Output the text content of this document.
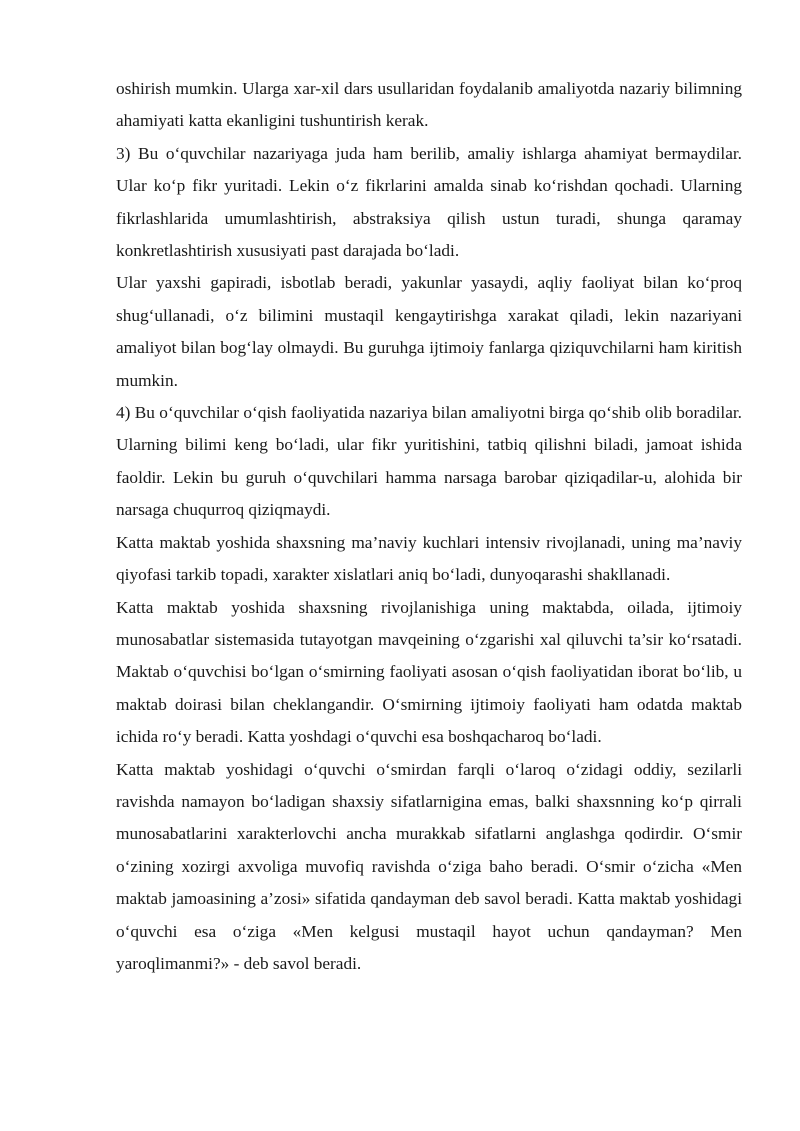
oshirish mumkin. Ularga xar-xil dars usullaridan foydalanib amaliyotda nazariy bilimning ahamiyati katta ekanligini tushuntirish kerak.

3) Bu o‘quvchilar nazariyaga juda ham berilib, amaliy ishlarga ahamiyat bermaydilar. Ular ko‘p fikr yuritadi. Lekin o‘z fikrlarini amalda sinab ko‘rishdan qochadi. Ularning fikrlashlarida umumlashtirish, abstraksiya qilish ustun turadi, shunga qaramay konkretlashtirish xususiyati past darajada bo‘ladi.

Ular yaxshi gapiradi, isbotlab beradi, yakunlar yasaydi, aqliy faoliyat bilan ko‘proq shug‘ullanadi, o‘z bilimini mustaqil kengaytirishga xarakat qiladi, lekin nazariyani amaliyot bilan bog‘lay olmaydi. Bu guruhga ijtimoiy fanlarga qiziquvchilarni ham kiritish mumkin.

4) Bu o‘quvchilar o‘qish faoliyatida nazariya bilan amaliyotni birga qo‘shib olib boradilar. Ularning bilimi keng bo‘ladi, ular fikr yuritishini, tatbiq qilishni biladi, jamoat ishida faoldir. Lekin bu guruh o‘quvchilari hamma narsaga barobar qiziqadilar-u, alohida bir narsaga chuqurroq qiziqmaydi.

Katta maktab yoshida shaxsning ma’naviy kuchlari intensiv rivojlanadi, uning ma’naviy qiyofasi tarkib topadi, xarakter xislatlari aniq bo‘ladi, dunyoqarashi shakllanadi.

Katta maktab yoshida shaxsning rivojlanishiga uning maktabda, oilada, ijtimoiy munosabatlar sistemasida tutayotgan mavqeining o‘zgarishi xal qiluvchi ta’sir ko‘rsatadi. Maktab o‘quvchisi bo‘lgan o‘smirning faoliyati asosan o‘qish faoliyatidan iborat bo‘lib, u maktab doirasi bilan cheklangandir. O‘smirning ijtimoiy faoliyati ham odatda maktab ichida ro‘y beradi. Katta yoshdagi o‘quvchi esa boshqacharoq bo‘ladi.

Katta maktab yoshidagi o‘quvchi o‘smirdan farqli o‘laroq o‘zidagi oddiy, sezilarli ravishda namayon bo‘ladigan shaxsiy sifatlarnigina emas, balki shaxsnning ko‘p qirrali munosabatlarini xarakterlovchi ancha murakkab sifatlarni anglashga qodirdir. O‘smir o‘zining xozirgi axvoliga muvofiq ravishda o‘ziga baho beradi. O‘smir o‘zicha «Men maktab jamoasining a’zosi» sifatida qandayman deb savol beradi. Katta maktab yoshidagi o‘quvchi esa o‘ziga «Men kelgusi mustaqil hayot uchun qandayman? Men yaroqlimanmi?» - deb savol beradi.
